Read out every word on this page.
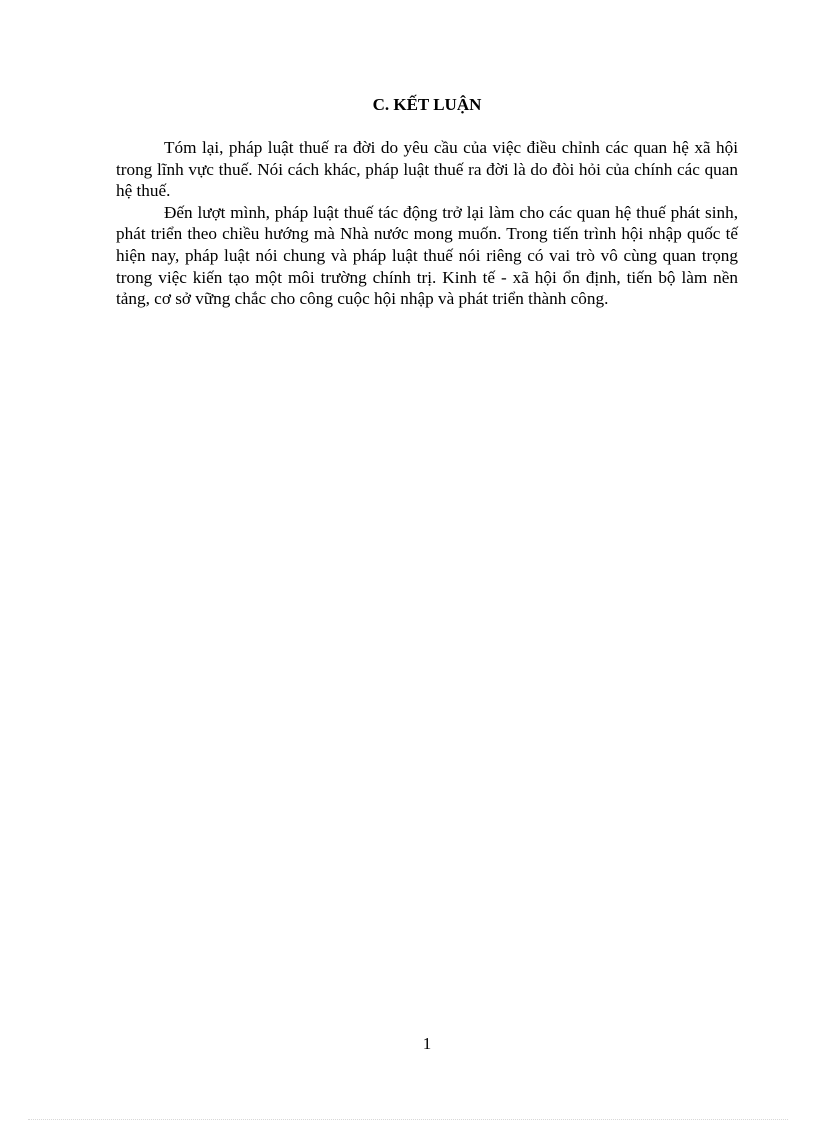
C. KẾT LUẬN

Tóm lại, pháp luật thuế ra đời do yêu cầu của việc điều chỉnh các quan hệ xã hội trong lĩnh vực thuế. Nói cách khác, pháp luật thuế ra đời là do đòi hỏi của chính các quan hệ thuế.

Đến lượt mình, pháp luật thuế tác động trở lại làm cho các quan hệ thuế phát sinh, phát triển theo chiều hướng mà Nhà nước mong muốn. Trong tiến trình hội nhập quốc tế hiện nay, pháp luật nói chung và pháp luật thuế nói riêng có vai trò vô cùng quan trọng trong việc kiến tạo một môi trường chính trị. Kinh tế - xã hội ổn định, tiến bộ làm nền tảng, cơ sở vững chắc cho công cuộc hội nhập và phát triển thành công.

1
